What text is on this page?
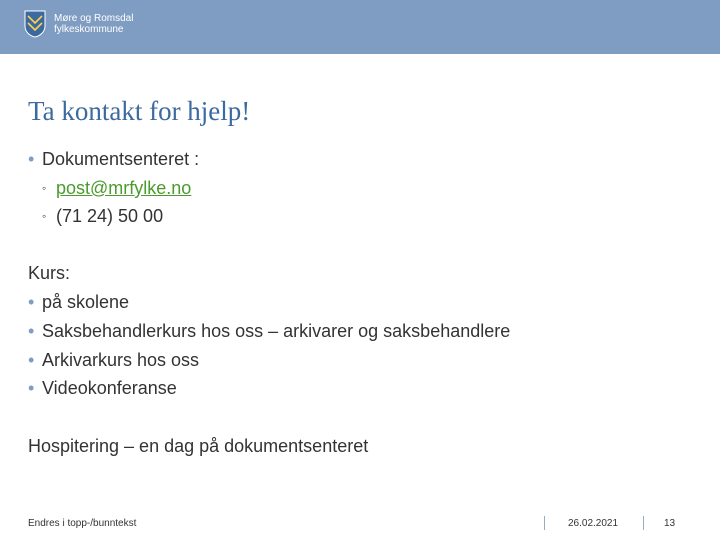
Møre og Romsdal
fylkeskommune
Ta kontakt for hjelp!
• Dokumentsenteret :
◦ post@mrfylke.no
◦ (71 24) 50 00
Kurs:
• på skolene
• Saksbehandlerkurs hos oss – arkivarer og saksbehandlere
• Arkivarkurs hos oss
• Videokonferanse
Hospitering – en dag på dokumentsenteret
Endres i topp-/bunntekst	26.02.2021	13
